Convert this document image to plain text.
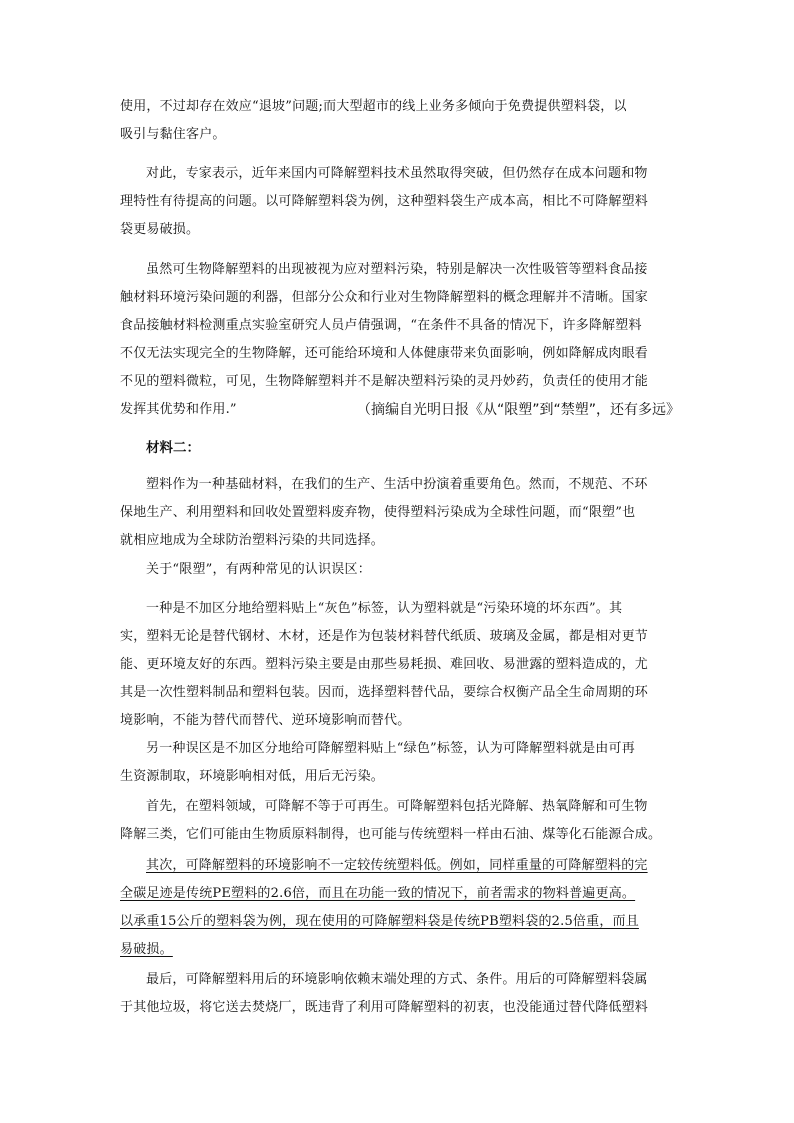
使用，不过却存在效应“退坡”问题;而大型超市的线上业务多倾向于免费提供塑料袋，以
吸引与黏住客户。
对此，专家表示，近年来国内可降解塑料技术虽然取得突破，但仍然存在成本问题和物
理特性有待提高的问题。以可降解塑料袋为例，这种塑料袋生产成本高，相比不可降解塑料
袋更易破损。
虽然可生物降解塑料的出现被视为应对塑料污染，特别是解决一次性吸管等塑料食品接
触材料环境污染问题的利器，但部分公众和行业对生物降解塑料的概念理解并不清晰。国家
食品接触材料检测重点实验室研究人员卢倩强调，“在条件不具备的情况下，许多降解塑料
不仅无法实现完全的生物降解，还可能给环境和人体健康带来负面影响，例如降解成肉眼看
不见的塑料微粒，可见，生物降解塑料并不是解决塑料污染的灵丹妙药，负责任的使用才能
发挥其优势和作用.”	（摘编自光明日报《从“限塑”到“禁塑”，还有多远》
材料二：
塑料作为一种基础材料，在我们的生产、生活中扮演着重要角色。然而，不规范、不环
保地生产、利用塑料和回收处置塑料废弃物，使得塑料污染成为全球性问题，而“限塑”也
就相应地成为全球防治塑料污染的共同选择。
关于“限塑”，有两种常见的认识误区：
一种是不加区分地给塑料贴上“灰色”标签，认为塑料就是“污染环境的坏东西”。其
实，塑料无论是替代钢材、木材，还是作为包装材料替代纸质、玻璃及金属，都是相对更节
能、更环境友好的东西。塑料污染主要是由那些易耗损、难回收、易泄露的塑料造成的，尤
其是一次性塑料制品和塑料包装。因而，选择塑料替代品，要综合权衡产品全生命周期的环
境影响，不能为替代而替代、逆环境影响而替代。
另一种误区是不加区分地给可降解塑料贴上“绿色”标签，认为可降解塑料就是由可再
生资源制取，环境影响相对低，用后无污染。
首先，在塑料领域，可降解不等于可再生。可降解塑料包括光降解、热氧降解和可生物
降解三类，它们可能由生物质原料制得，也可能与传统塑料一样由石油、煤等化石能源合成。
其次，可降解塑料的环境影响不一定较传统塑料低。例如，同样重量的可降解塑料的完
全碳足迹是传统PE塑料的2.6倍，而且在功能一致的情况下，前者需求的物料普遍更高。
以承重15公斤的塑料袋为例，现在使用的可降解塑料袋是传统PB塑料袋的2.5倍重，而且
易破损。
最后，可降解塑料用后的环境影响依赖末端处理的方式、条件。用后的可降解塑料袋属
于其他垃圾，将它送去焚烧厂，既违背了利用可降解塑料的初衷，也没能通过替代降低塑料
